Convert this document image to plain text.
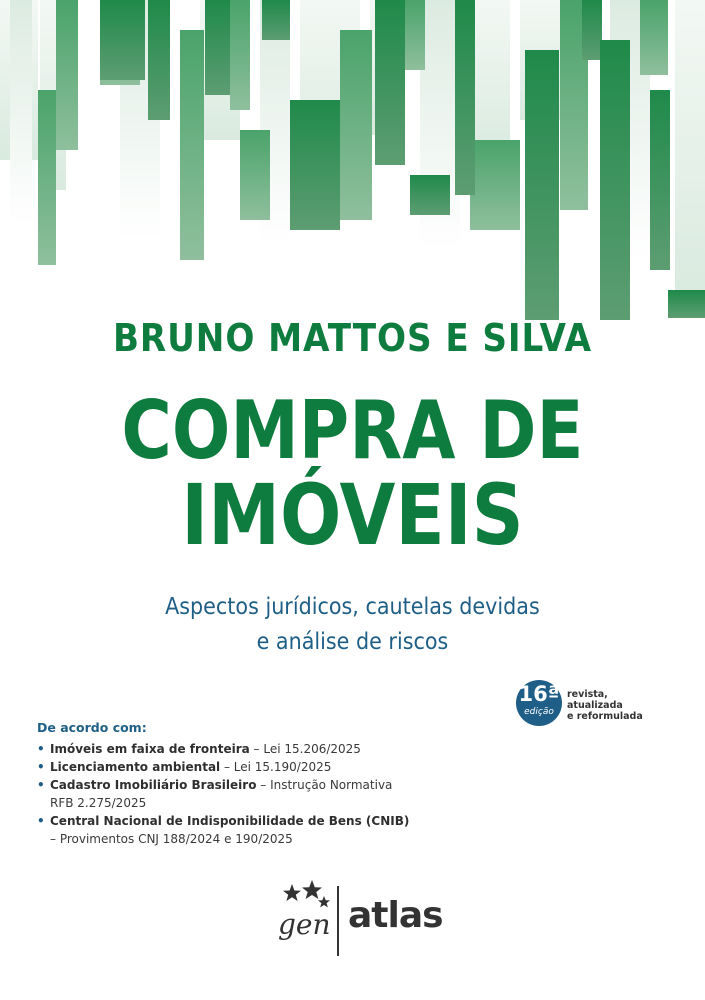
BRUNO MATTOS E SILVA
COMPRA DE
IMÓVEIS
Aspectos jurídicos, cautelas devidas
e análise de riscos
16ª
edição
revista,
atualizada
e reformulada
De acordo com:
• Imóveis em faixa de fronteira – Lei 15.206/2025
• Licenciamento ambiental – Lei 15.190/2025
• Cadastro Imobiliário Brasileiro – Instrução Normativa RFB 2.275/2025
• Central Nacional de Indisponibilidade de Bens (CNIB) – Provimentos CNJ 188/2024 e 190/2025
gen atlas
